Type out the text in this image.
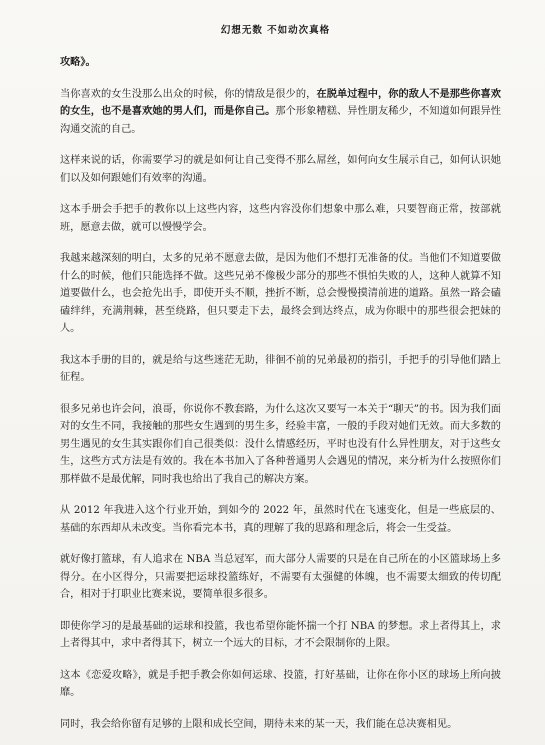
幻想无数 不如动次真格

攻略》。

当你喜欢的女生没那么出众的时候，你的情敌是很少的，在脱单过程中，你的敌人不是那些你喜欢的女生，也不是喜欢她的男人们，而是你自己。那个形象糟糕、异性朋友稀少，不知道如何跟异性沟通交流的自己。

这样来说的话，你需要学习的就是如何让自己变得不那么屌丝，如何向女生展示自己，如何认识她们以及如何跟她们有效率的沟通。

这本手册会手把手的教你以上这些内容，这些内容没你们想象中那么难，只要智商正常，按部就班，愿意去做，就可以慢慢学会。

我越来越深刻的明白，太多的兄弟不愿意去做，是因为他们不想打无准备的仗。当他们不知道要做什么的时候，他们只能选择不做。这些兄弟不像极少部分的那些不惧怕失败的人，这种人就算不知道要做什么，也会抢先出手，即使开头不顺，挫折不断，总会慢慢摸清前进的道路。虽然一路会磕磕绊绊，充满荆棘，甚至绕路，但只要走下去，最终会到达终点，成为你眼中的那些很会把妹的人。

我这本手册的目的，就是给与这些迷茫无助，徘徊不前的兄弟最初的指引，手把手的引导他们踏上征程。

很多兄弟也许会问，浪哥，你说你不教套路，为什么这次又要写一本关于“聊天”的书。因为我们面对的女生不同，我接触的那些女生遇到的男生多，经验丰富，一般的手段对她们无效。而大多数的男生遇见的女生其实跟你们自己很类似：没什么情感经历，平时也没有什么异性朋友，对于这些女生，这些方式方法是有效的。我在本书加入了各种普通男人会遇见的情况，来分析为什么按照你们那样做不是最优解，同时我也给出了我自己的解决方案。

从 2012 年我进入这个行业开始，到如今的 2022 年，虽然时代在飞速变化，但是一些底层的、基础的东西却从未改变。当你看完本书，真的理解了我的思路和理念后，将会一生受益。

就好像打篮球，有人追求在 NBA 当总冠军，而大部分人需要的只是在自己所在的小区篮球场上多得分。在小区得分，只需要把运球投篮练好，不需要有太强健的体魄，也不需要太细致的传切配合，相对于打职业比赛来说，要简单很多很多。

即使你学习的是最基础的运球和投篮，我也希望你能怀揣一个打 NBA 的梦想。求上者得其上，求上者得其中，求中者得其下，树立一个远大的目标，才不会限制你的上限。

这本《恋爱攻略》，就是手把手教会你如何运球、投篮，打好基础，让你在你小区的球场上所向披靡。

同时，我会给你留有足够的上限和成长空间，期待未来的某一天，我们能在总决赛相见。
